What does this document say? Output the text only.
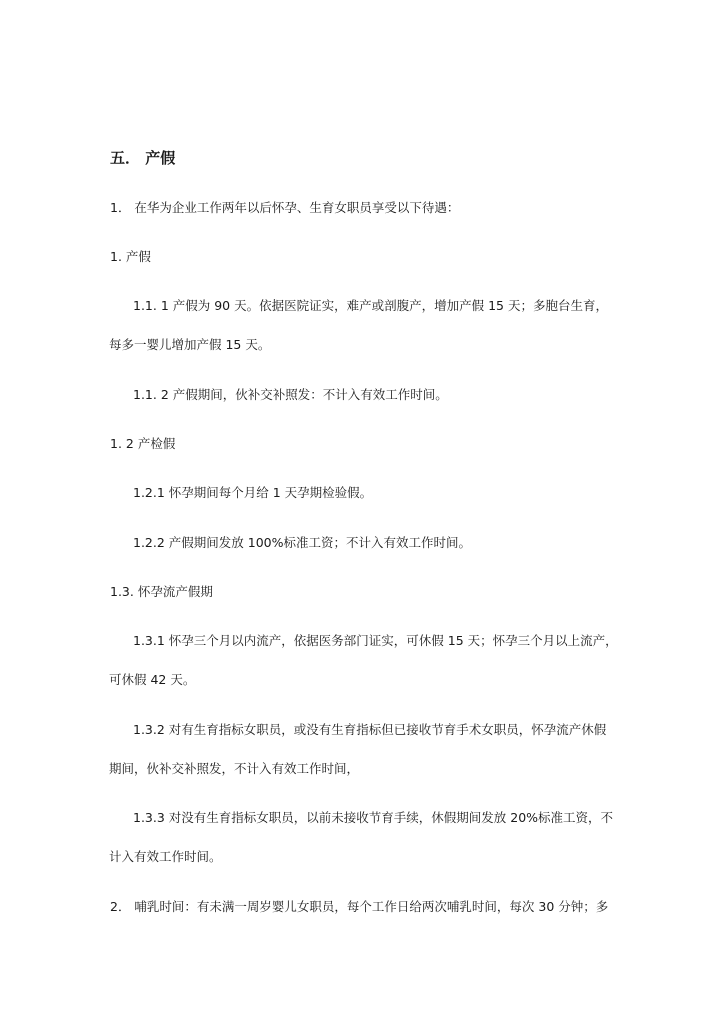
五． 产假
1． 在华为企业工作两年以后怀孕、生育女职员享受以下待遇：
1. 产假
1.1. 1 产假为 90 天。依据医院证实，难产或剖腹产，增加产假 15 天；多胞台生育，
每多一婴儿增加产假 15 天。
1.1. 2 产假期间，伙补交补照发：不计入有效工作时间。
1. 2 产检假
1.2.1 怀孕期间每个月给 1 天孕期检验假。
1.2.2 产假期间发放 100%标准工资；不计入有效工作时间。
1.3. 怀孕流产假期
1.3.1 怀孕三个月以内流产，依据医务部门证实，可休假 15 天；怀孕三个月以上流产，
可休假 42 天。
1.3.2 对有生育指标女职员，或没有生育指标但已接收节育手术女职员，怀孕流产休假
期间，伙补交补照发，不计入有效工作时间，
1.3.3 对没有生育指标女职员，以前未接收节育手续，休假期间发放 20%标准工资，不
计入有效工作时间。
2． 哺乳时间：有未满一周岁婴儿女职员，每个工作日给两次哺乳时间，每次 30 分钟；多
